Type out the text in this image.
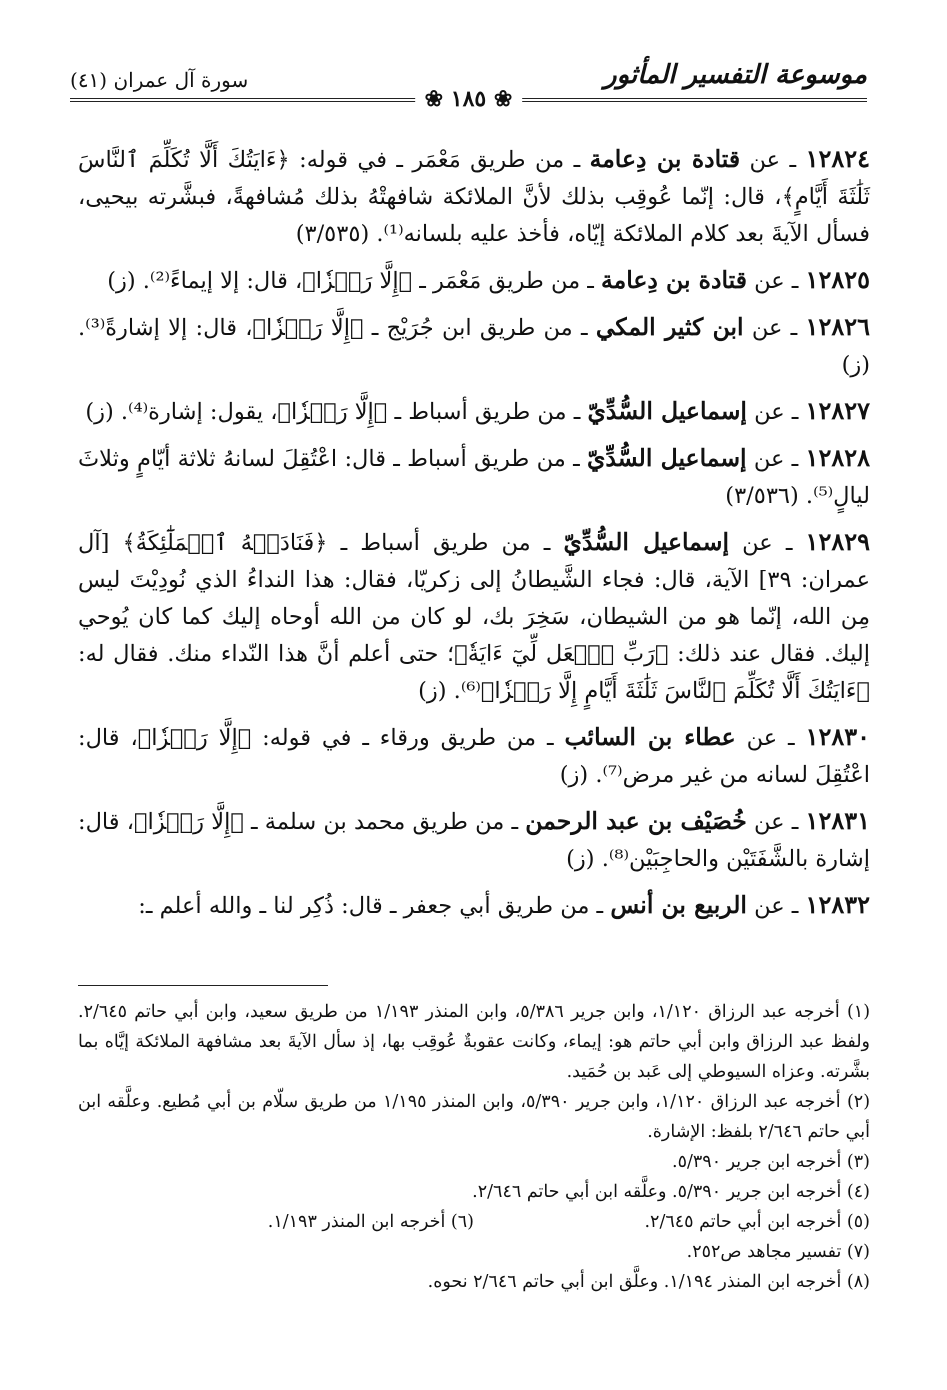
موسوعة التفسير المأثور
سورة آل عمران (٤١)
❀ ١٨٥ ❀

١٢٨٢٤ ـ عن قتادة بن دِعامة ـ من طريق مَعْمَر ـ في قوله: ﴿ءَايَتُكَ أَلَّا تُكَلِّمَ ٱلنَّاسَ ثَلَٰثَةَ أَيَّامٍ﴾، قال: إنّما عُوقِب بذلك لأنَّ الملائكة شافهتْهُ بذلك مُشافهةً، فبشَّرته بيحيى، فسأل الآيةَ بعد كلام الملائكة إيّاه، فأخذ عليه بلسانه⁽¹⁾. (٣/٥٣٥)

١٢٨٢٥ ـ عن قتادة بن دِعامة ـ من طريق مَعْمَر ـ ﴿إِلَّا رَمۡزٗا﴾، قال: إلا إيماءً⁽²⁾. (ز)

١٢٨٢٦ ـ عن ابن كثير المكي ـ من طريق ابن جُرَيْج ـ ﴿إِلَّا رَمۡزٗا﴾، قال: إلا إشارةً⁽³⁾. (ز)

١٢٨٢٧ ـ عن إسماعيل السُّدِّيّ ـ من طريق أسباط ـ ﴿إِلَّا رَمۡزٗا﴾، يقول: إشارة⁽⁴⁾. (ز)

١٢٨٢٨ ـ عن إسماعيل السُّدِّيّ ـ من طريق أسباط ـ قال: اعْتُقِلَ لسانهُ ثلاثة أيّامٍ وثلاثَ ليالٍ⁽⁵⁾. (٣/٥٣٦)

١٢٨٢٩ ـ عن إسماعيل السُّدِّيّ ـ من طريق أسباط ـ ﴿فَنَادَتۡهُ ٱلۡمَلَٰٓئِكَةُ﴾ [آل عمران: ٣٩] الآية، قال: فجاء الشَّيطانُ إلى زكريّا، فقال: هذا النداءُ الذي نُودِيْتَ ليس مِن الله، إنّما هو من الشيطان، سَخِرَ بك، لو كان من الله أوحاه إليك كما كان يُوحي إليك. فقال عند ذلك: ﴿رَبِّ ٱجۡعَل لِّيٓ ءَايَةٗ﴾؛ حتى أعلم أنَّ هذا النّداء منك. فقال له: ﴿ءَايَتُكَ أَلَّا تُكَلِّمَ ٱلنَّاسَ ثَلَٰثَةَ أَيَّامٍ إِلَّا رَمۡزٗا﴾⁽⁶⁾. (ز)

١٢٨٣٠ ـ عن عطاء بن السائب ـ من طريق ورقاء ـ في قوله: ﴿إِلَّا رَمۡزٗا﴾، قال: اعْتُقِلَ لسانه من غير مرض⁽⁷⁾. (ز)

١٢٨٣١ ـ عن خُصَيْف بن عبد الرحمن ـ من طريق محمد بن سلمة ـ ﴿إِلَّا رَمۡزٗا﴾، قال: إشارة بالشَّفَتَيْن والحاجِبَيْن⁽⁸⁾. (ز)

١٢٨٣٢ ـ عن الربيع بن أنس ـ من طريق أبي جعفر ـ قال: ذُكِر لنا ـ والله أعلم ـ:

(١) أخرجه عبد الرزاق ١/١٢٠، وابن جرير ٥/٣٨٦، وابن المنذر ١/١٩٣ من طريق سعيد، وابن أبي حاتم ٢/٦٤٥. ولفظ عبد الرزاق وابن أبي حاتم هو: إيماء، وكانت عقوبةٌ عُوقِب بها، إذ سأل الآيةَ بعد مشافهة الملائكة إيَّاه بما بشَّرته. وعزاه السيوطي إلى عَبد بن حُمَيد.

(٢) أخرجه عبد الرزاق ١/١٢٠، وابن جرير ٥/٣٩٠، وابن المنذر ١/١٩٥ من طريق سلّام بن أبي مُطيع. وعلَّقه ابن أبي حاتم ٢/٦٤٦ بلفظ: الإشارة.

(٣) أخرجه ابن جرير ٥/٣٩٠.

(٤) أخرجه ابن جرير ٥/٣٩٠. وعلَّقه ابن أبي حاتم ٢/٦٤٦.

(٥) أخرجه ابن أبي حاتم ٢/٦٤٥.

(٦) أخرجه ابن المنذر ١/١٩٣.

(٧) تفسير مجاهد ص٢٥٢.

(٨) أخرجه ابن المنذر ١/١٩٤. وعلَّق ابن أبي حاتم ٢/٦٤٦ نحوه.
